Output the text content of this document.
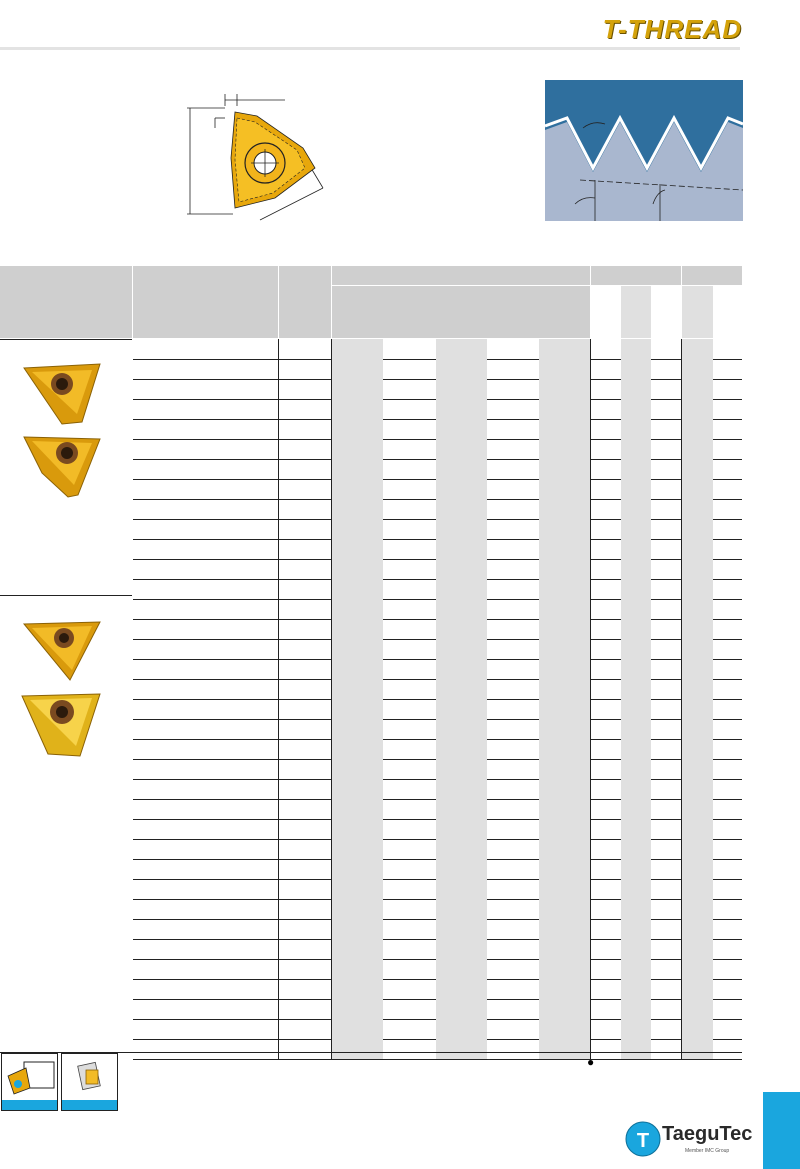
T-THREAD
●
T TaeguTec
Member IMC Group
